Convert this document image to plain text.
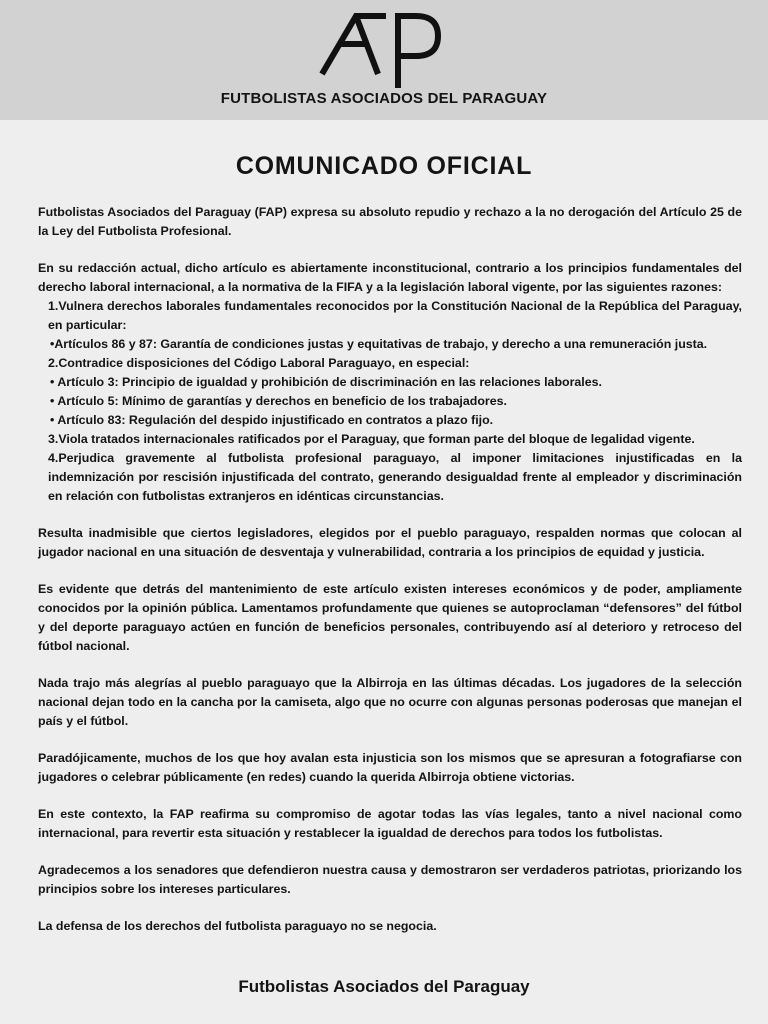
FUTBOLISTAS ASOCIADOS DEL PARAGUAY
COMUNICADO OFICIAL

Futbolistas Asociados del Paraguay (FAP) expresa su absoluto repudio y rechazo a la no derogación del Artículo 25 de la Ley del Futbolista Profesional.

En su redacción actual, dicho artículo es abiertamente inconstitucional, contrario a los principios fundamentales del derecho laboral internacional, a la normativa de la FIFA y a la legislación laboral vigente, por las siguientes razones:
1.Vulnera derechos laborales fundamentales reconocidos por la Constitución Nacional de la República del Paraguay, en particular:
•Artículos 86 y 87: Garantía de condiciones justas y equitativas de trabajo, y derecho a una remuneración justa.
2.Contradice disposiciones del Código Laboral Paraguayo, en especial:
• Artículo 3: Principio de igualdad y prohibición de discriminación en las relaciones laborales.
• Artículo 5: Mínimo de garantías y derechos en beneficio de los trabajadores.
• Artículo 83: Regulación del despido injustificado en contratos a plazo fijo.
3.Viola tratados internacionales ratificados por el Paraguay, que forman parte del bloque de legalidad vigente.
4.Perjudica gravemente al futbolista profesional paraguayo, al imponer limitaciones injustificadas en la indemnización por rescisión injustificada del contrato, generando desigualdad frente al empleador y discriminación en relación con futbolistas extranjeros en idénticas circunstancias.

Resulta inadmisible que ciertos legisladores, elegidos por el pueblo paraguayo, respalden normas que colocan al jugador nacional en una situación de desventaja y vulnerabilidad, contraria a los principios de equidad y justicia.

Es evidente que detrás del mantenimiento de este artículo existen intereses económicos y de poder, ampliamente conocidos por la opinión pública. Lamentamos profundamente que quienes se autoproclaman “defensores” del fútbol y del deporte paraguayo actúen en función de beneficios personales, contribuyendo así al deterioro y retroceso del fútbol nacional.

Nada trajo más alegrías al pueblo paraguayo que la Albirroja en las últimas décadas. Los jugadores de la selección nacional dejan todo en la cancha por la camiseta, algo que no ocurre con algunas personas poderosas que manejan el país y el fútbol.

Paradójicamente, muchos de los que hoy avalan esta injusticia son los mismos que se apresuran a fotografiarse con jugadores o celebrar públicamente (en redes) cuando la querida Albirroja obtiene victorias.

En este contexto, la FAP reafirma su compromiso de agotar todas las vías legales, tanto a nivel nacional como internacional, para revertir esta situación y restablecer la igualdad de derechos para todos los futbolistas.

Agradecemos a los senadores que defendieron nuestra causa y demostraron ser verdaderos patriotas, priorizando los principios sobre los intereses particulares.

La defensa de los derechos del futbolista paraguayo no se negocia.

Futbolistas Asociados del Paraguay
